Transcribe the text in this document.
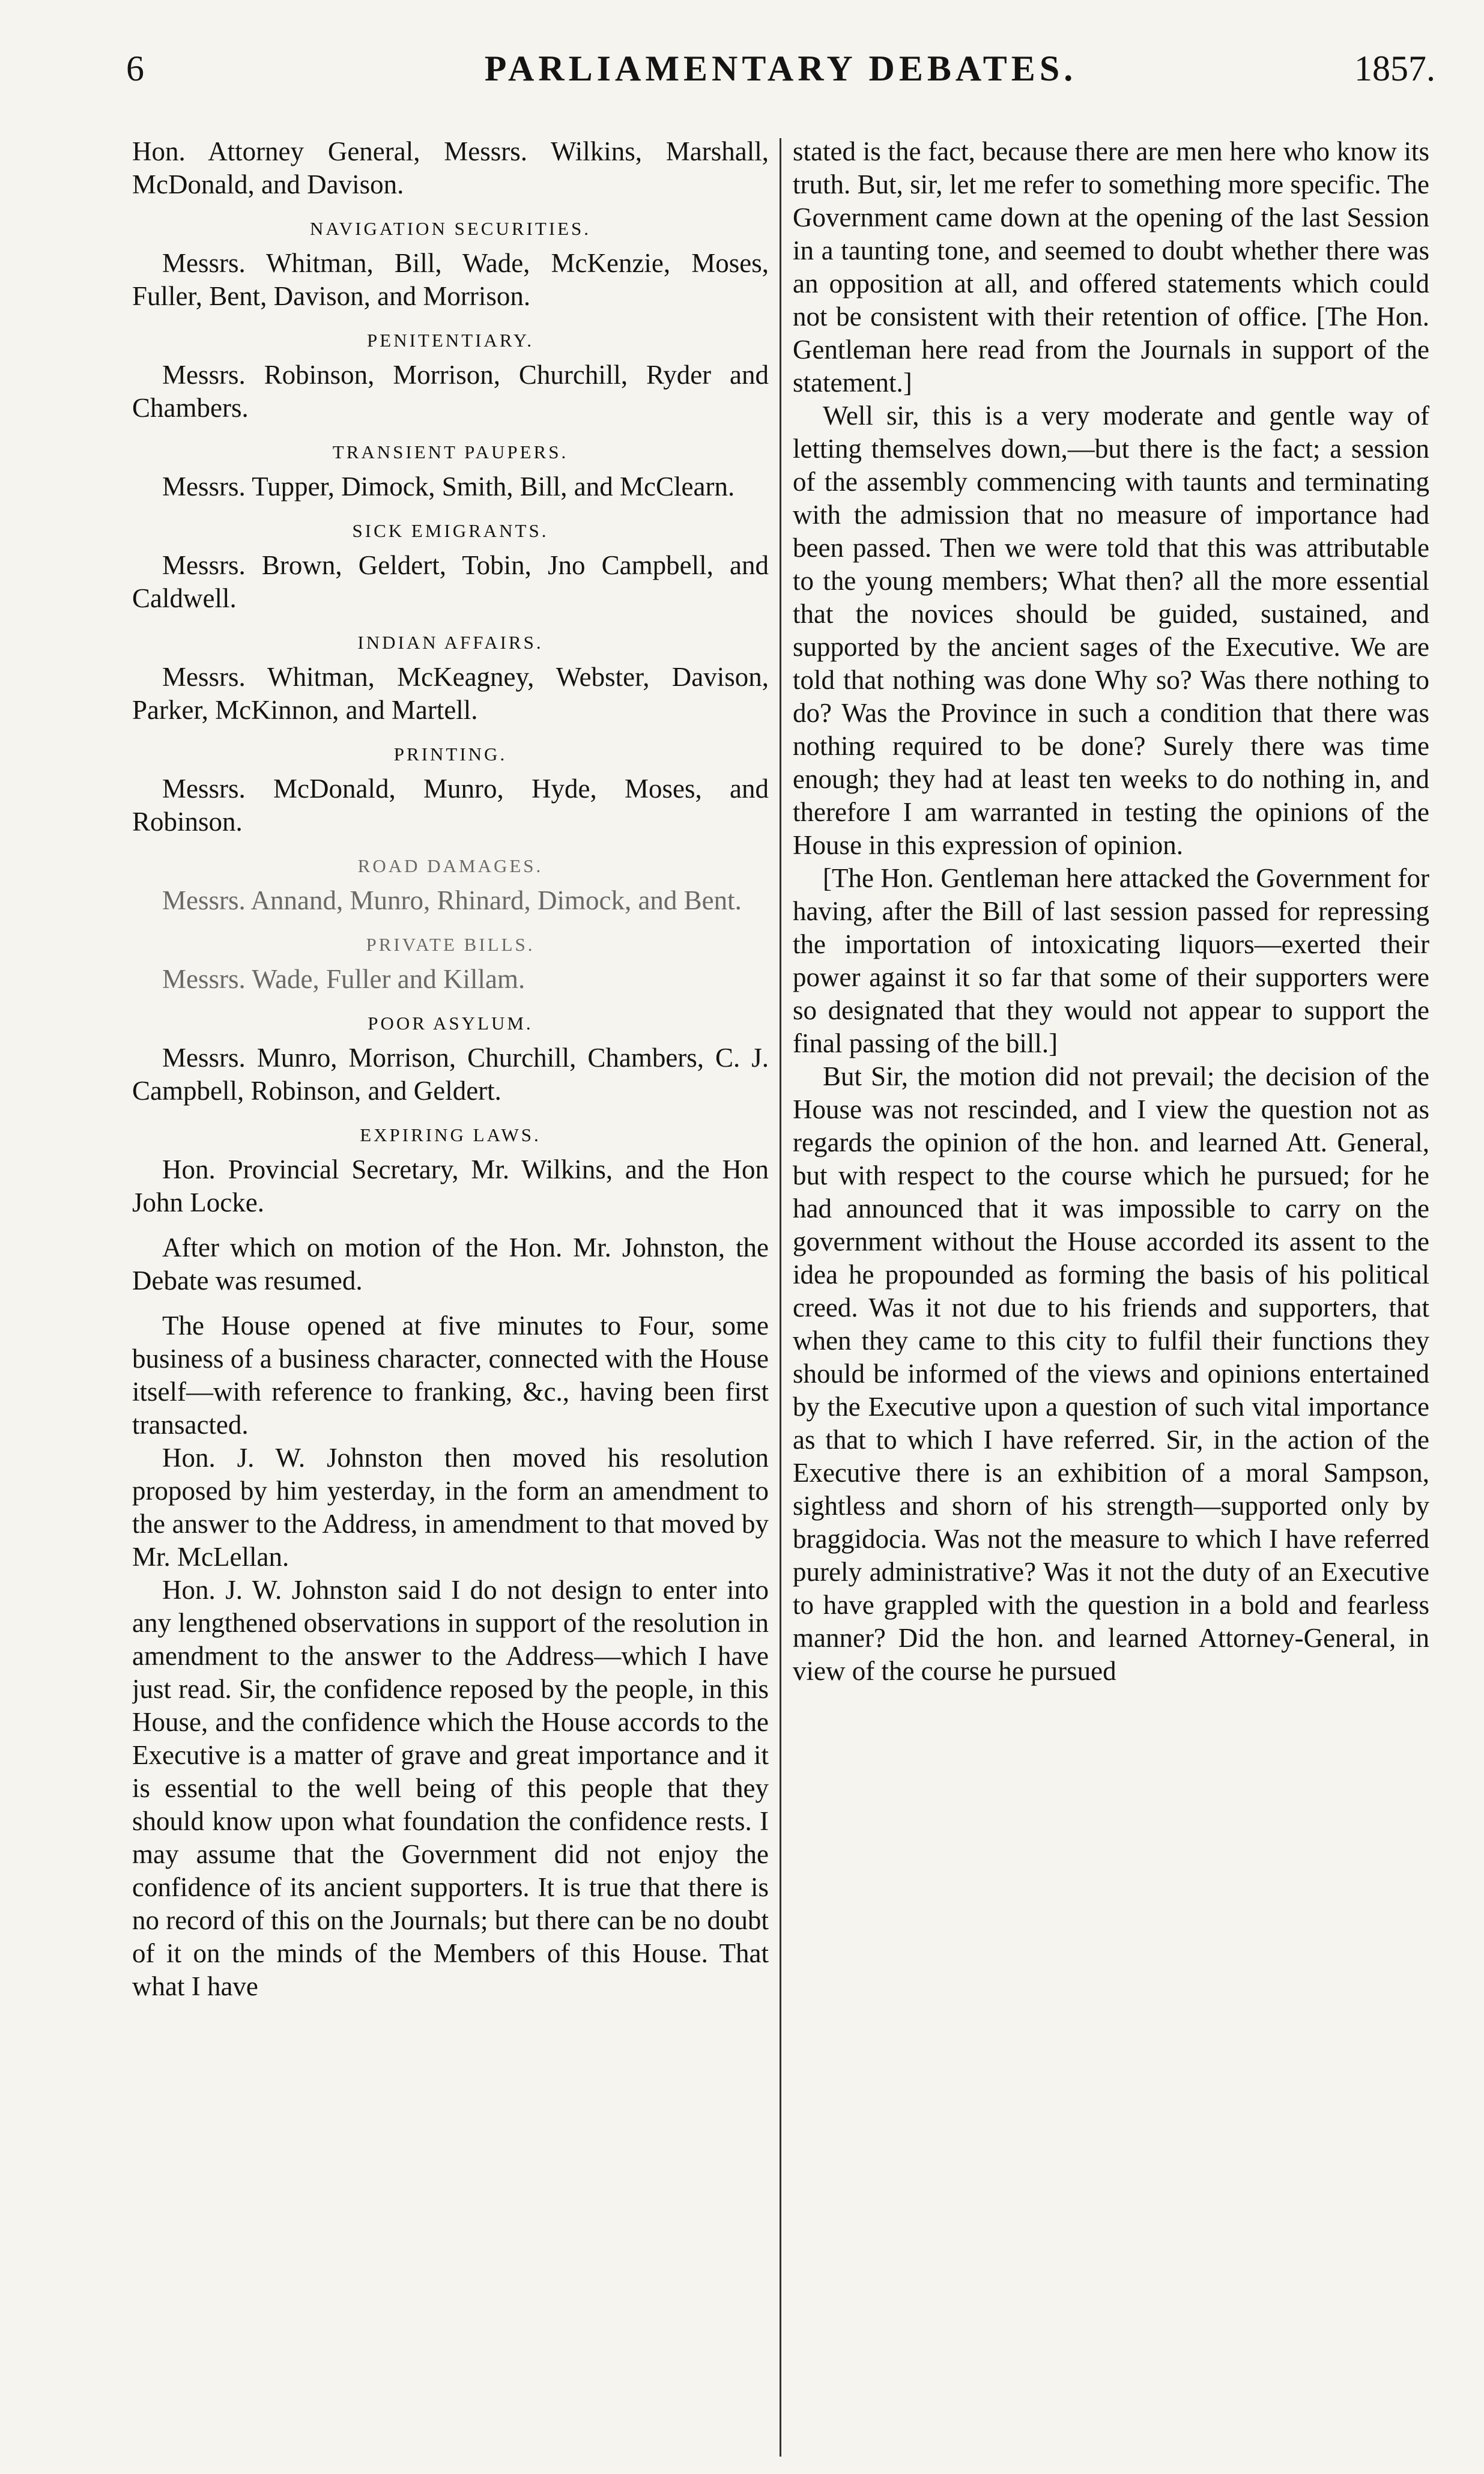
6	PARLIAMENTARY DEBATES.	1857.

Hon. Attorney General, Messrs. Wilkins, Marshall, McDonald, and Davison.

NAVIGATION SECURITIES.

Messrs. Whitman, Bill, Wade, McKenzie, Moses, Fuller, Bent, Davison, and Morrison.

PENITENTIARY.

Messrs. Robinson, Morrison, Churchill, Ryder and Chambers.

TRANSIENT PAUPERS.

Messrs. Tupper, Dimock, Smith, Bill, and McClearn.

SICK EMIGRANTS.

Messrs. Brown, Geldert, Tobin, Jno Campbell, and Caldwell.

INDIAN AFFAIRS.

Messrs. Whitman, McKeagney, Webster, Davison, Parker, McKinnon, and Martell.

PRINTING.

Messrs. McDonald, Munro, Hyde, Moses, and Robinson.

ROAD DAMAGES.

Messrs. Annand, Munro, Rhinard, Dimock, and Bent.

PRIVATE BILLS.

Messrs. Wade, Fuller and Killam.

POOR ASYLUM.

Messrs. Munro, Morrison, Churchill, Chambers, C. J. Campbell, Robinson, and Geldert.

EXPIRING LAWS.

Hon. Provincial Secretary, Mr. Wilkins, and the Hon John Locke.

After which on motion of the Hon. Mr. Johnston, the Debate was resumed.

The House opened at five minutes to Four, some business of a business character, connected with the House itself—with reference to franking, &c., having been first transacted.

Hon. J. W. Johnston then moved his resolution proposed by him yesterday, in the form an amendment to the answer to the Address, in amendment to that moved by Mr. McLellan.

Hon. J. W. Johnston said I do not design to enter into any lengthened observations in support of the resolution in amendment to the answer to the Address—which I have just read. Sir, the confidence reposed by the people, in this House, and the confidence which the House accords to the Executive is a matter of grave and great importance and it is essential to the well being of this people that they should know upon what foundation the confidence rests. I may assume that the Government did not enjoy the confidence of its ancient supporters. It is true that there is no record of this on the Journals; but there can be no doubt of it on the minds of the Members of this House. That what I have

stated is the fact, because there are men here who know its truth. But, sir, let me refer to something more specific. The Government came down at the opening of the last Session in a taunting tone, and seemed to doubt whether there was an opposition at all, and offered statements which could not be consistent with their retention of office. [The Hon. Gentleman here read from the Journals in support of the statement.]

Well sir, this is a very moderate and gentle way of letting themselves down,—but there is the fact; a session of the assembly commencing with taunts and terminating with the admission that no measure of importance had been passed. Then we were told that this was attributable to the young members; What then? all the more essential that the novices should be guided, sustained, and supported by the ancient sages of the Executive. We are told that nothing was done Why so? Was there nothing to do? Was the Province in such a condition that there was nothing required to be done? Surely there was time enough; they had at least ten weeks to do nothing in, and therefore I am warranted in testing the opinions of the House in this expression of opinion.

[The Hon. Gentleman here attacked the Government for having, after the Bill of last session passed for repressing the importation of intoxicating liquors—exerted their power against it so far that some of their supporters were so designated that they would not appear to support the final passing of the bill.]

But Sir, the motion did not prevail; the decision of the House was not rescinded, and I view the question not as regards the opinion of the hon. and learned Att. General, but with respect to the course which he pursued; for he had announced that it was impossible to carry on the government without the House accorded its assent to the idea he propounded as forming the basis of his political creed. Was it not due to his friends and supporters, that when they came to this city to fulfil their functions they should be informed of the views and opinions entertained by the Executive upon a question of such vital importance as that to which I have referred. Sir, in the action of the Executive there is an exhibition of a moral Sampson, sightless and shorn of his strength—supported only by braggidocia. Was not the measure to which I have referred purely administrative? Was it not the duty of an Executive to have grappled with the question in a bold and fearless manner? Did the hon. and learned Attorney-General, in view of the course he pursued
